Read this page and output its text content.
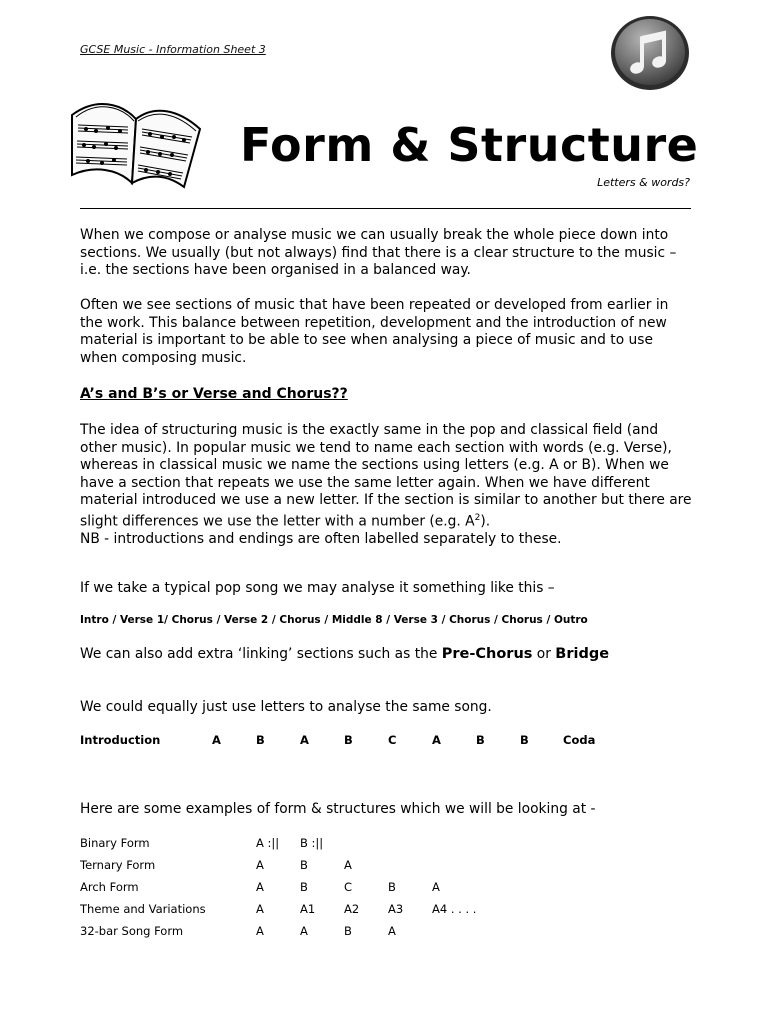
GCSE Music - Information Sheet 3
Form & Structure
Letters & words?
When we compose or analyse music we can usually break the whole piece down into sections. We usually (but not always) find that there is a clear structure to the music – i.e. the sections have been organised in a balanced way.
Often we see sections of music that have been repeated or developed from earlier in the work. This balance between repetition, development and the introduction of new material is important to be able to see when analysing a piece of music and to use when composing music.
A’s and B’s or Verse and Chorus??
The idea of structuring music is the exactly same in the pop and classical field (and other music). In popular music we tend to name each section with words (e.g. Verse), whereas in classical music we name the sections using letters (e.g. A or B). When we have a section that repeats we use the same letter again. When we have different material introduced we use a new letter. If the section is similar to another but there are slight differences we use the letter with a number (e.g. $A^2$).
NB - introductions and endings are often labelled separately to these.
If we take a typical pop song we may analyse it something like this –
Intro / Verse 1/ Chorus / Verse 2 / Chorus / Middle 8 / Verse 3 / Chorus / Chorus / Outro
We can also add extra ‘linking’ sections such as the Pre-Chorus or Bridge
We could equally just use letters to analyse the same song.
Introduction	A	B	A	B	C	A	B	B	Coda
Here are some examples of form & structures which we will be looking at -
Binary Form	A :|| B :||
Ternary Form	A	B	A
Arch Form	A	B	C	B	A
Theme and Variations	A	A1	A2	A3	A4 . . . .
32-bar Song Form	A	A	B	A
